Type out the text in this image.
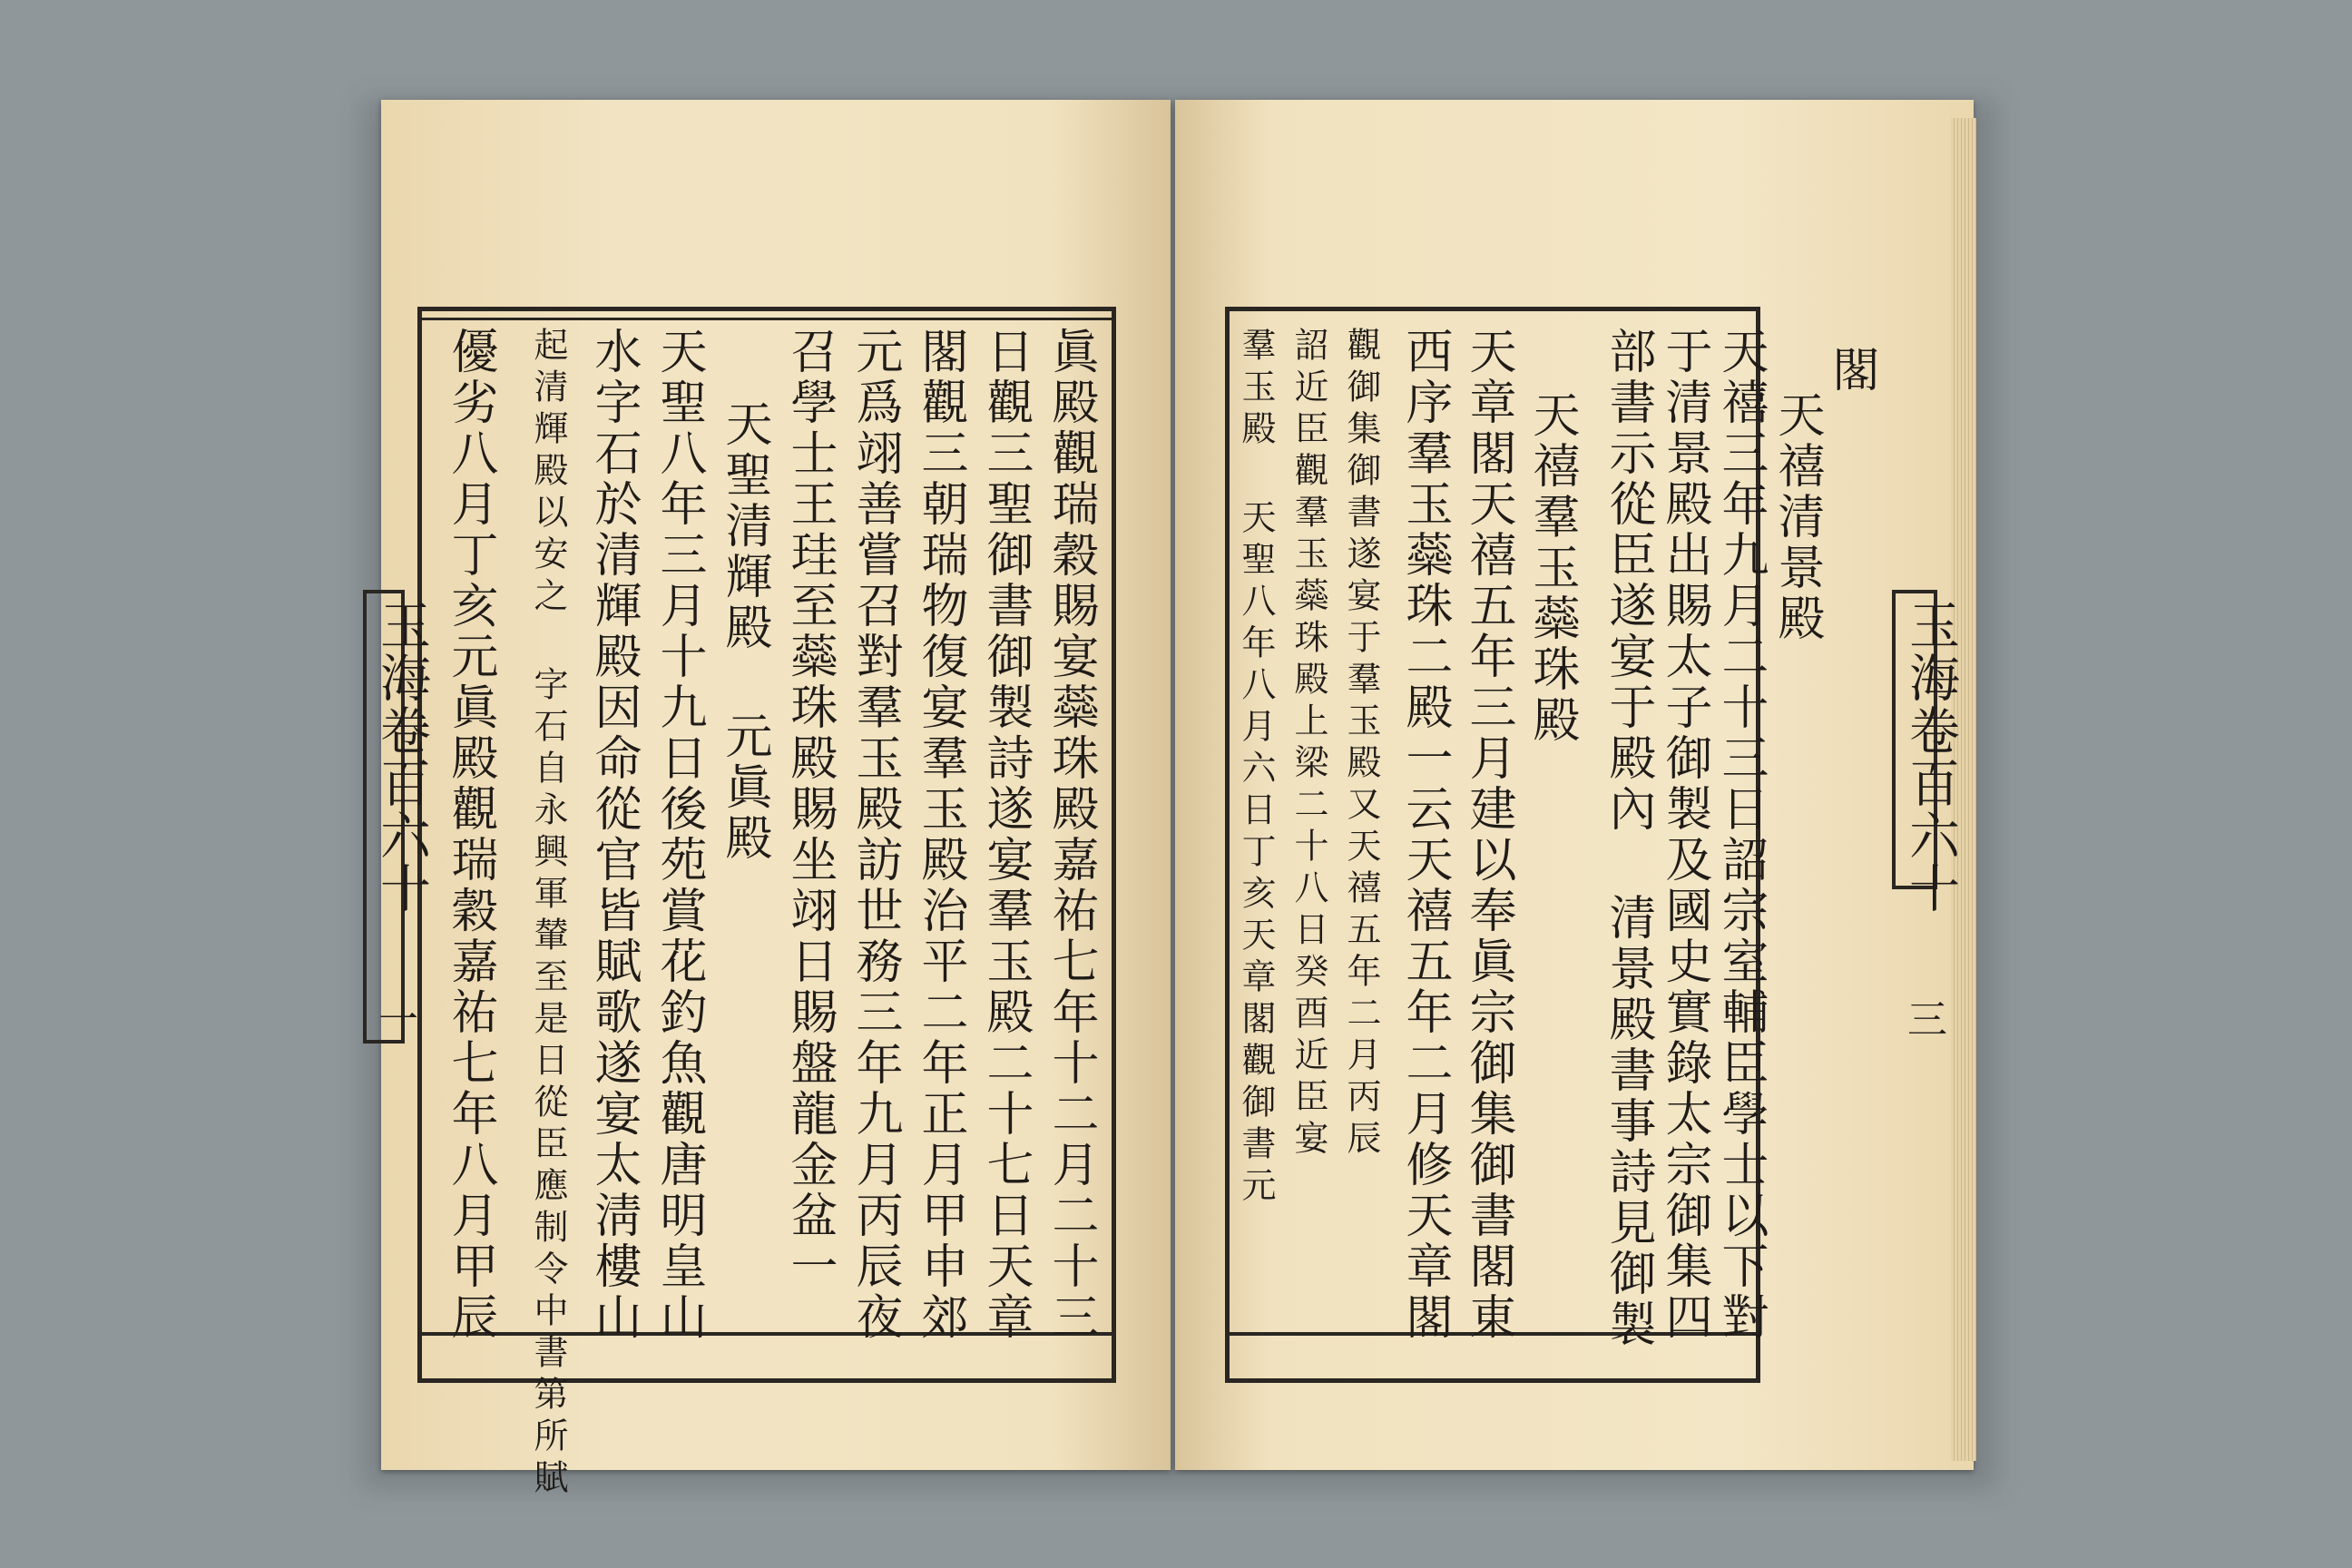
玉海卷百六十
一	眞殿觀瑞穀賜宴蘂珠殿嘉祐七年十二月二十三
日觀三聖御書御製詩遂宴羣玉殿二十七日天章
閣觀三朝瑞物復宴羣玉殿治平二年正月甲申郊
元爲翊善嘗召對羣玉殿訪世務三年九月丙辰夜
召學士王珪至蘂珠殿賜坐翊日賜盤龍金盆一
天聖清輝殿 元眞殿
天聖八年三月十九日後苑賞花釣魚觀唐明皇山
水字石於清輝殿因命從官皆賦歌遂宴太淸樓山
起清輝殿以安之 字石自永興軍輦至是日從臣應制令中書第所賦
優劣八月丁亥元眞殿觀瑞穀嘉祐七年八月甲辰	玉海卷百六十
三
閣
天禧清景殿
天禧三年九月二十三日詔宗室輔臣學士以下對
于清景殿出賜太子御製及國史實錄太宗御集四
部書示從臣遂宴于殿內 清景殿書事詩見御製
天禧羣玉蘂珠殿
天章閣天禧五年三月建以奉眞宗御集御書閣東
西序羣玉蘂珠二殿一云天禧五年二月修天章閣
觀御集御書遂宴于羣玉殿又天禧五年二月丙辰
詔近臣觀羣玉蘂珠殿上梁二十八日癸酉近臣宴
羣玉殿 天聖八年八月六日丁亥天章閣觀御書元
